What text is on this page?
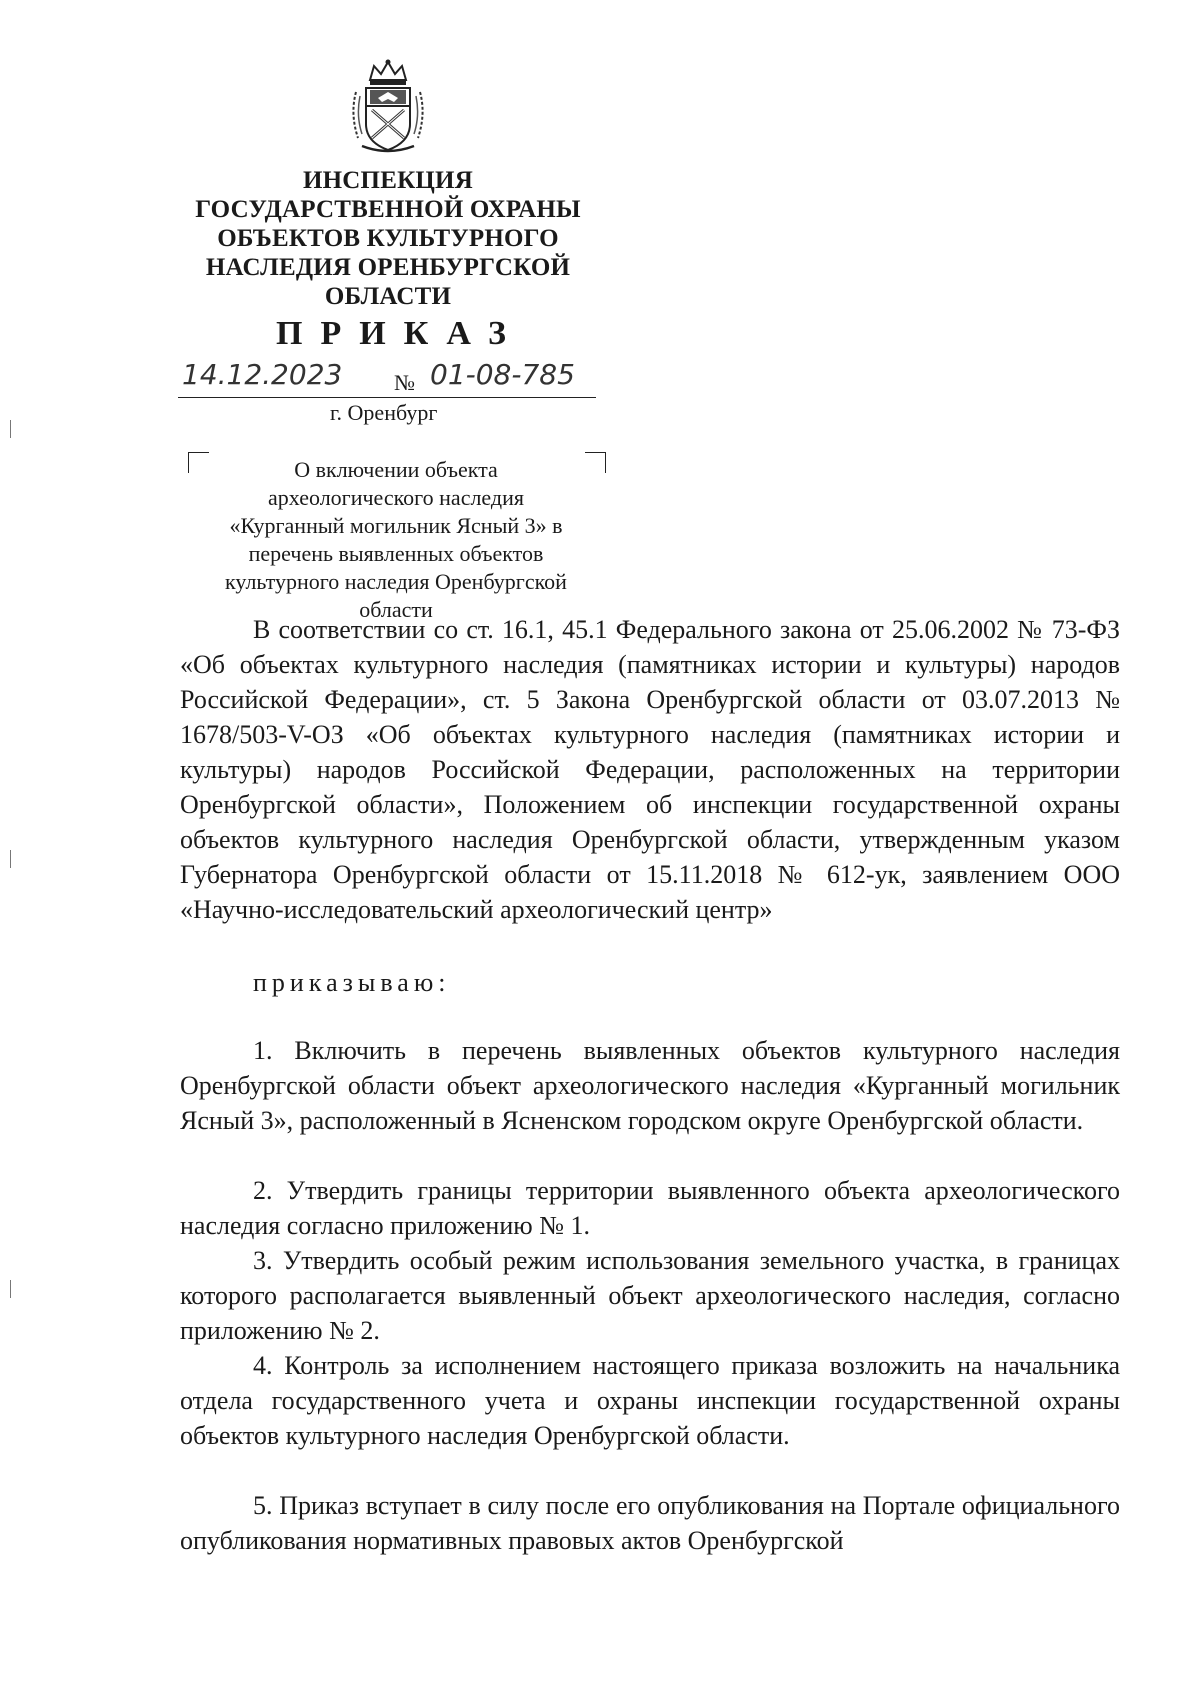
ИНСПЕКЦИЯ
ГОСУДАРСТВЕННОЙ ОХРАНЫ
ОБЪЕКТОВ КУЛЬТУРНОГО
НАСЛЕДИЯ ОРЕНБУРГСКОЙ
ОБЛАСТИ
ПРИКАЗ
14.12.2023 № 01-08-785
г. Оренбург
О включении объекта
археологического наследия
«Курганный могильник Ясный 3» в
перечень выявленных объектов
культурного наследия Оренбургской
области

В соответствии со ст. 16.1, 45.1 Федерального закона от 25.06.2002 № 73-ФЗ «Об объектах культурного наследия (памятниках истории и культуры) народов Российской Федерации», ст. 5 Закона Оренбургской области от 03.07.2013 № 1678/503-V-ОЗ «Об объектах культурного наследия (памятниках истории и культуры) народов Российской Федерации, расположенных на территории Оренбургской области», Положением об инспекции государственной охраны объектов культурного наследия Оренбургской области, утвержденным указом Губернатора Оренбургской области от 15.11.2018 № 612-ук, заявлением ООО «Научно-исследовательский археологический центр»

приказываю:

1. Включить в перечень выявленных объектов культурного наследия Оренбургской области объект археологического наследия «Курганный могильник Ясный 3», расположенный в Ясненском городском округе Оренбургской области.

2. Утвердить границы территории выявленного объекта археологического наследия согласно приложению № 1.

3. Утвердить особый режим использования земельного участка, в границах которого располагается выявленный объект археологического наследия, согласно приложению № 2.

4. Контроль за исполнением настоящего приказа возложить на начальника отдела государственного учета и охраны инспекции государственной охраны объектов культурного наследия Оренбургской области.

5. Приказ вступает в силу после его опубликования на Портале официального опубликования нормативных правовых актов Оренбургской
